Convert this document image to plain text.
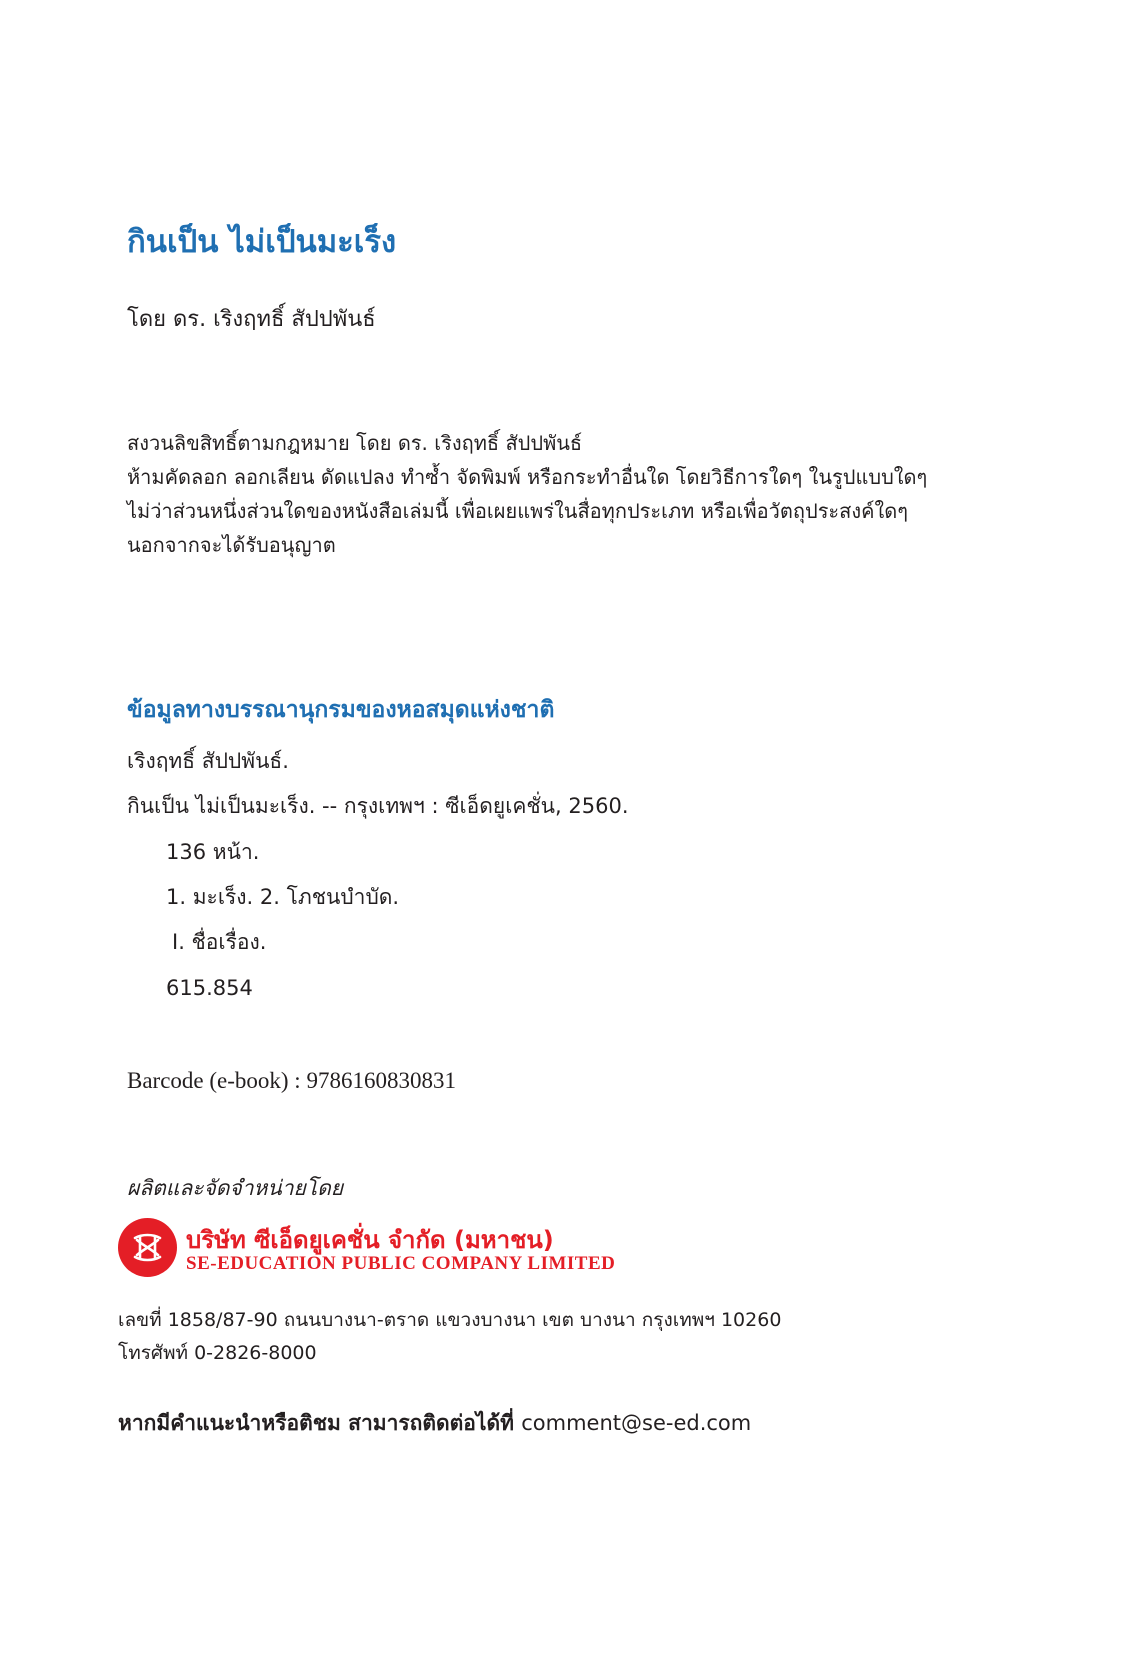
กินเป็น ไม่เป็นมะเร็ง

โดย ดร. เริงฤทธิ์ สัปปพันธ์

สงวนลิขสิทธิ์ตามกฎหมาย โดย ดร. เริงฤทธิ์ สัปปพันธ์
ห้ามคัดลอก ลอกเลียน ดัดแปลง ทำซ้ำ จัดพิมพ์ หรือกระทำอื่นใด โดยวิธีการใดๆ ในรูปแบบใดๆ
ไม่ว่าส่วนหนึ่งส่วนใดของหนังสือเล่มนี้ เพื่อเผยแพร่ในสื่อทุกประเภท หรือเพื่อวัตถุประสงค์ใดๆ
นอกจากจะได้รับอนุญาต
ข้อมูลทางบรรณานุกรมของหอสมุดแห่งชาติ

เริงฤทธิ์ สัปปพันธ์.

กินเป็น ไม่เป็นมะเร็ง. -- กรุงเทพฯ : ซีเอ็ดยูเคชั่น, 2560.

136 หน้า.

1. มะเร็ง. 2. โภชนบำบัด.

I. ชื่อเรื่อง.

615.854

Barcode (e-book) : 9786160830831

ผลิตและจัดจำหน่ายโดย

บริษัท ซีเอ็ดยูเคชั่น จำกัด (มหาชน)

SE-EDUCATION PUBLIC COMPANY LIMITED

เลขที่ 1858/87-90 ถนนบางนา-ตราด แขวงบางนา เขต บางนา กรุงเทพฯ 10260
โทรศัพท์ 0-2826-8000

หากมีคำแนะนำหรือติชม สามารถติดต่อได้ที่ comment@se-ed.com
